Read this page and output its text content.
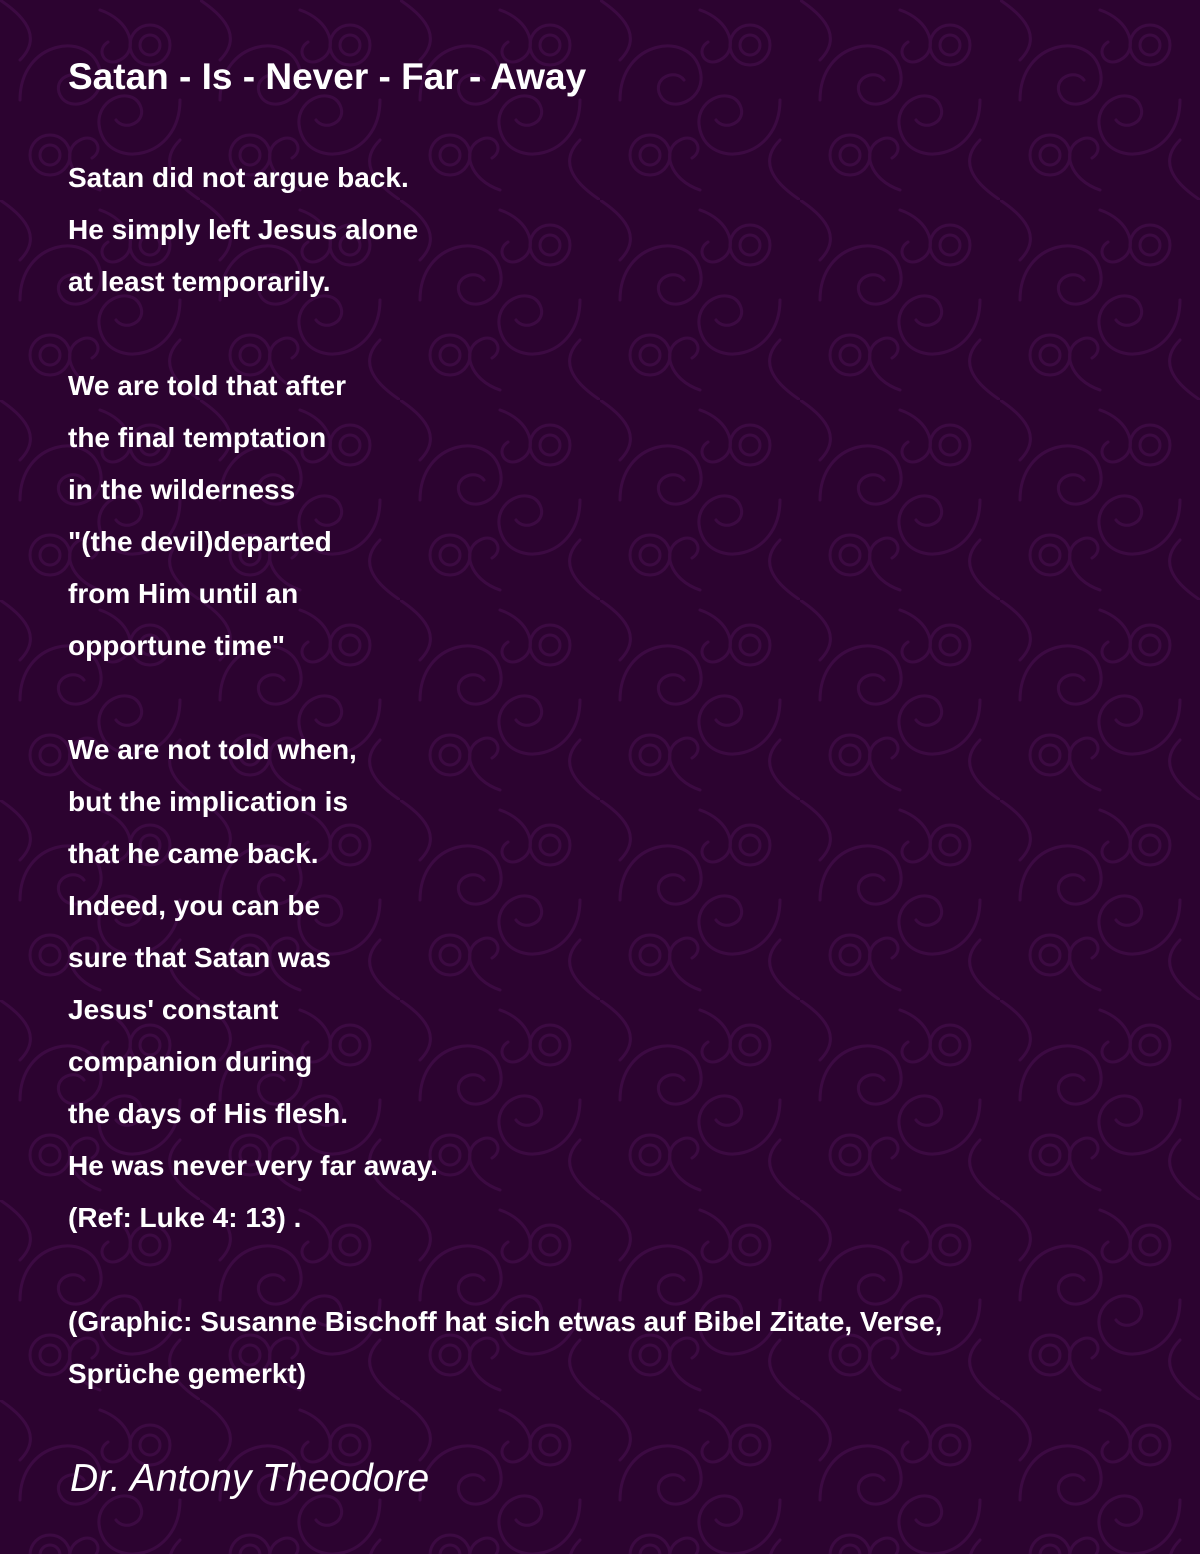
Satan - Is - Never - Far - Away
Satan did not argue back.
He simply left Jesus alone
at least temporarily.
We are told that after
the final temptation
in the wilderness
"(the devil)departed
from Him until an
opportune time"
We are not told when,
but the implication is
that he came back.
Indeed, you can be
sure that Satan was
Jesus' constant
companion during
the days of His flesh.
He was never very far away.
(Ref: Luke 4: 13) .
(Graphic: Susanne Bischoff hat sich etwas auf Bibel Zitate, Verse,
Sprüche gemerkt)
Dr. Antony Theodore
